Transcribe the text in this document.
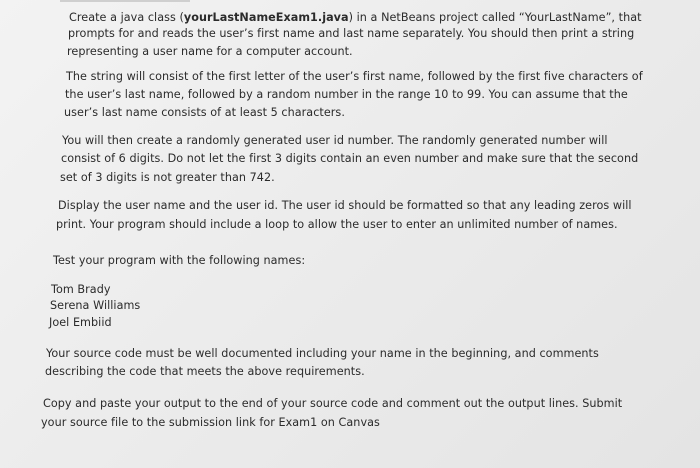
Create a java class (yourLastNameExam1.java) in a NetBeans project called “YourLastName”, that
prompts for and reads the user’s first name and last name separately. You should then print a string
representing a user name for a computer account.
The string will consist of the first letter of the user’s first name, followed by the first five characters of
the user’s last name, followed by a random number in the range 10 to 99. You can assume that the
user’s last name consists of at least 5 characters.
You will then create a randomly generated user id number. The randomly generated number will
consist of 6 digits. Do not let the first 3 digits contain an even number and make sure that the second
set of 3 digits is not greater than 742.
Display the user name and the user id. The user id should be formatted so that any leading zeros will
print. Your program should include a loop to allow the user to enter an unlimited number of names.
Test your program with the following names:
Tom Brady
Serena Williams
Joel Embiid
Your source code must be well documented including your name in the beginning, and comments
describing the code that meets the above requirements.
Copy and paste your output to the end of your source code and comment out the output lines. Submit
your source file to the submission link for Exam1 on Canvas
